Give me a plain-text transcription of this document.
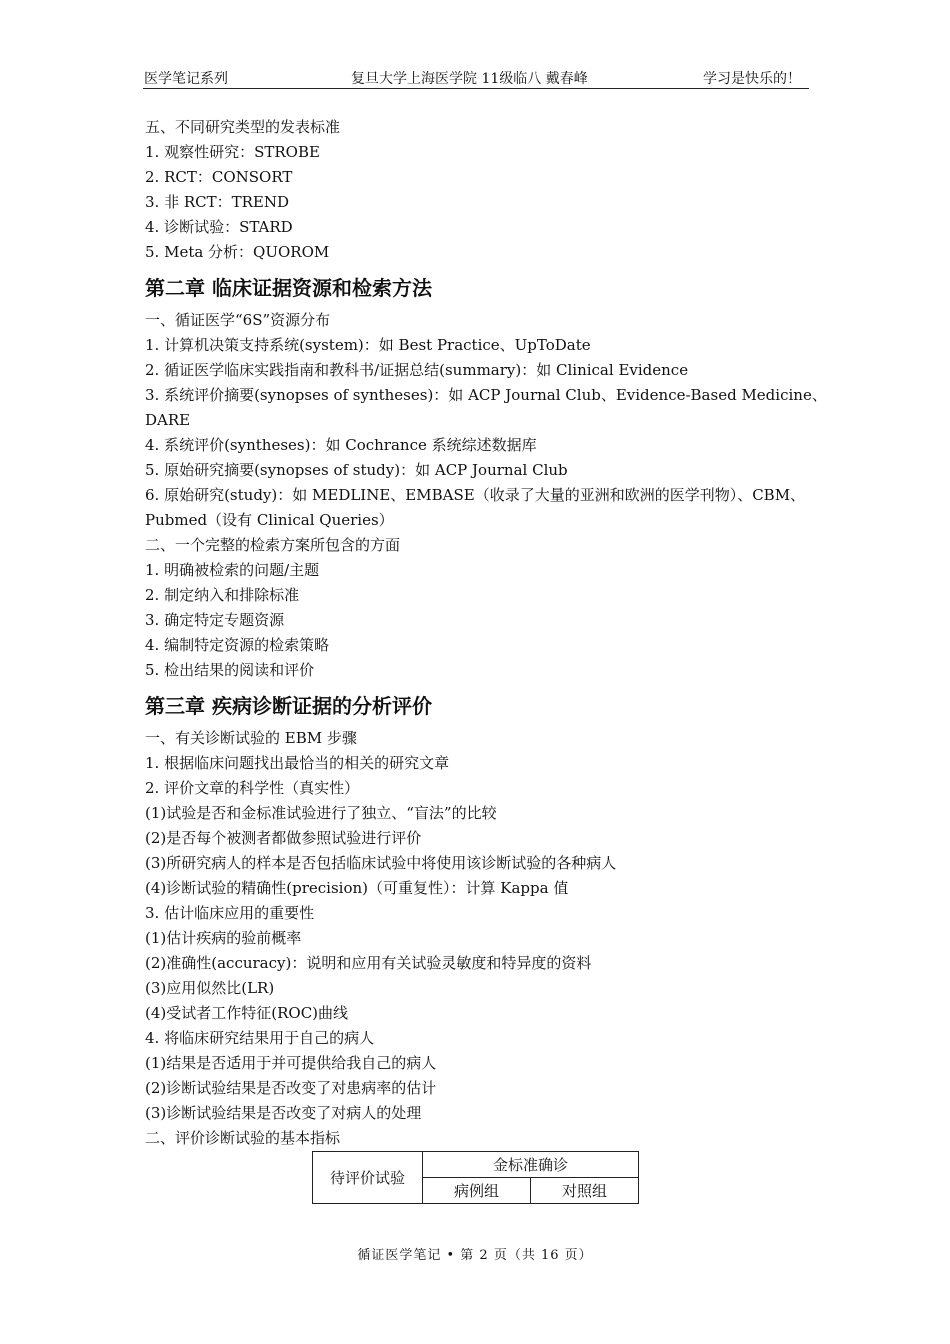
医学笔记系列	复旦大学上海医学院 11级临八 戴春峰	学习是快乐的！
五、不同研究类型的发表标准
1. 观察性研究：STROBE
2. RCT：CONSORT
3. 非 RCT：TREND
4. 诊断试验：STARD
5. Meta 分析：QUOROM
第二章 临床证据资源和检索方法
一、循证医学“6S”资源分布
1. 计算机决策支持系统(system)：如 Best Practice、UpToDate
2. 循证医学临床实践指南和教科书/证据总结(summary)：如 Clinical Evidence
3. 系统评价摘要(synopses of syntheses)：如 ACP Journal Club、Evidence-Based Medicine、
DARE
4. 系统评价(syntheses)：如 Cochrance 系统综述数据库
5. 原始研究摘要(synopses of study)：如 ACP Journal Club
6. 原始研究(study)：如 MEDLINE、EMBASE（收录了大量的亚洲和欧洲的医学刊物）、CBM、
Pubmed（设有 Clinical Queries）
二、一个完整的检索方案所包含的方面
1. 明确被检索的问题/主题
2. 制定纳入和排除标准
3. 确定特定专题资源
4. 编制特定资源的检索策略
5. 检出结果的阅读和评价
第三章 疾病诊断证据的分析评价
一、有关诊断试验的 EBM 步骤
1. 根据临床问题找出最恰当的相关的研究文章
2. 评价文章的科学性（真实性）
(1)试验是否和金标准试验进行了独立、“盲法”的比较
(2)是否每个被测者都做参照试验进行评价
(3)所研究病人的样本是否包括临床试验中将使用该诊断试验的各种病人
(4)诊断试验的精确性(precision)（可重复性）：计算 Kappa 值
3. 估计临床应用的重要性
(1)估计疾病的验前概率
(2)准确性(accuracy)：说明和应用有关试验灵敏度和特异度的资料
(3)应用似然比(LR)
(4)受试者工作特征(ROC)曲线
4. 将临床研究结果用于自己的病人
(1)结果是否适用于并可提供给我自己的病人
(2)诊断试验结果是否改变了对患病率的估计
(3)诊断试验结果是否改变了对病人的处理
二、评价诊断试验的基本指标
待评价试验	金标准确诊	
	病例组	对照组
循证医学笔记 • 第 2 页（共 16 页）
